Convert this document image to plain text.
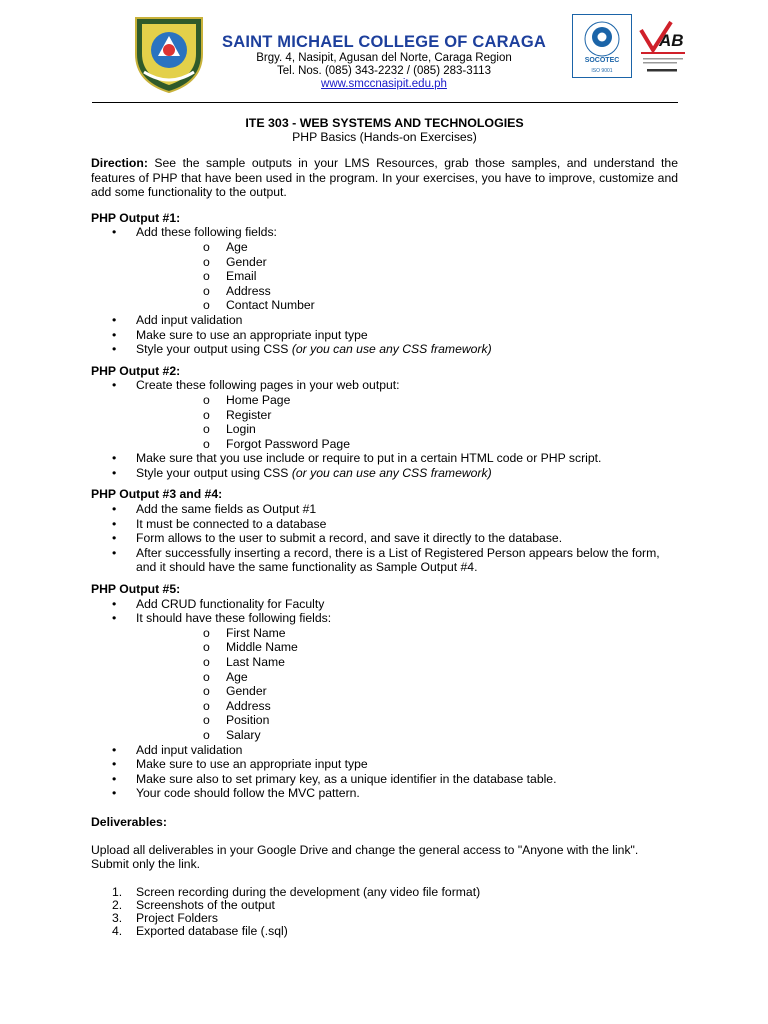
SAINT MICHAEL COLLEGE OF CARAGA
Brgy. 4, Nasipit, Agusan del Norte, Caraga Region
Tel. Nos. (085) 343-2232 / (085) 283-3113
www.smccnasipit.edu.ph
SOCOTEC
ISO 9001
AB
ITE 303 - WEB SYSTEMS AND TECHNOLOGIES
PHP Basics (Hands-on Exercises)

Direction: See the sample outputs in your LMS Resources, grab those samples, and understand the features of PHP that have been used in the program. In your exercises, you have to improve, customize and add some functionality to the output.

PHP Output #1:
• Add these following fields:
o Age
o Gender
o Email
o Address
o Contact Number
• Add input validation
• Make sure to use an appropriate input type
• Style your output using CSS (or you can use any CSS framework)
PHP Output #2:
• Create these following pages in your web output:
o Home Page
o Register
o Login
o Forgot Password Page
• Make sure that you use include or require to put in a certain HTML code or PHP script.
• Style your output using CSS (or you can use any CSS framework)
PHP Output #3 and #4:
• Add the same fields as Output #1
• It must be connected to a database
• Form allows to the user to submit a record, and save it directly to the database.
• After successfully inserting a record, there is a List of Registered Person appears below the form, and it should have the same functionality as Sample Output #4.
PHP Output #5:
• Add CRUD functionality for Faculty
• It should have these following fields:
o First Name
o Middle Name
o Last Name
o Age
o Gender
o Address
o Position
o Salary
• Add input validation
• Make sure to use an appropriate input type
• Make sure also to set primary key, as a unique identifier in the database table.
• Your code should follow the MVC pattern.
Deliverables:

Upload all deliverables in your Google Drive and change the general access to "Anyone with the link". Submit only the link.

1. Screen recording during the development (any video file format)
2. Screenshots of the output
3. Project Folders
4. Exported database file (.sql)
